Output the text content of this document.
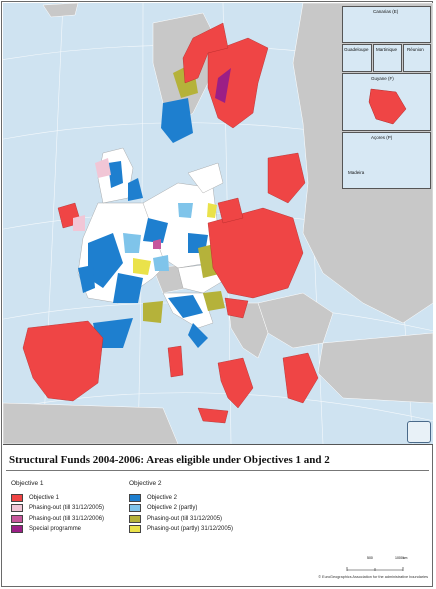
Canarias (E)
Guadeloupe Martinique Réunion
Guyane (F)
Açores (P)
Madeira
Structural Funds 2004-2006: Areas eligible under Objectives 1 and 2
Objective 1
Objective 1
Phasing-out (till 31/12/2005)
Phasing-out (till 31/12/2006)
Special programme
Objective 2
Objective 2
Objective 2 (partly)
Phasing-out (till 31/12/2005)
Phasing-out (partly) 31/12/2005)
500	1000km
© EuroGeographics Association for the administrative boundaries
